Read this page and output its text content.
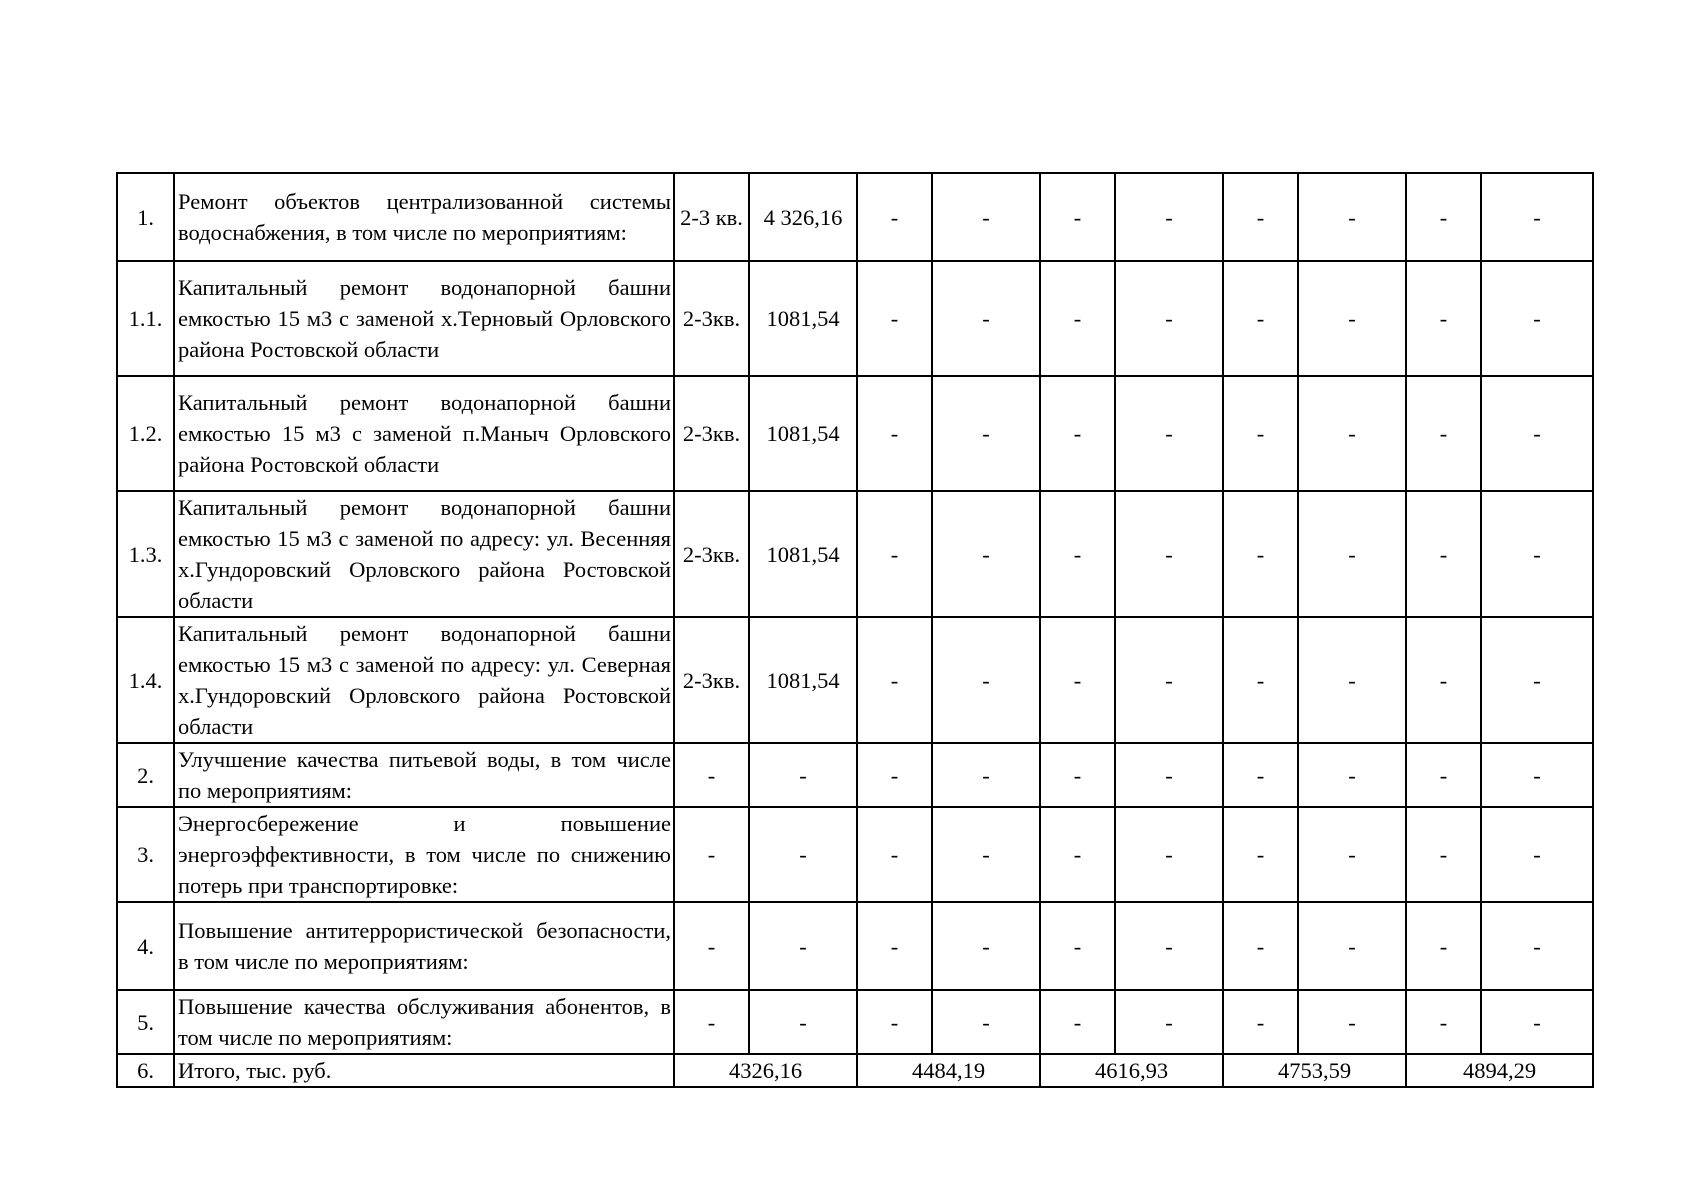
1.	Ремонт объектов централизованной системы водоснабжения, в том числе по мероприятиям:	2-3 кв.	4 326,16	-	-	-	-	-	-	-	-
1.1.	Капитальный ремонт водонапорной башни емкостью 15 м3 с заменой х.Терновый Орловского района Ростовской области	2-3кв.	1081,54	-	-	-	-	-	-	-	-
1.2.	Капитальный ремонт водонапорной башни емкостью 15 м3 с заменой п.Маныч Орловского района Ростовской области	2-3кв.	1081,54	-	-	-	-	-	-	-	-
1.3.	Капитальный ремонт водонапорной башни емкостью 15 м3 с заменой по адресу: ул. Весенняя х.Гундоровский Орловского района Ростовской области	2-3кв.	1081,54	-	-	-	-	-	-	-	-
1.4.	Капитальный ремонт водонапорной башни емкостью 15 м3 с заменой по адресу: ул. Северная х.Гундоровский Орловского района Ростовской области	2-3кв.	1081,54	-	-	-	-	-	-	-	-
2.	Улучшение качества питьевой воды, в том числе по мероприятиям:	-	-	-	-	-	-	-	-	-	-
3.	Энергосбережение и повышение энергоэффективности, в том числе по снижению потерь при транспортировке:	-	-	-	-	-	-	-	-	-	-
4.	Повышение антитеррористической безопасности, в том числе по мероприятиям:	-	-	-	-	-	-	-	-	-	-
5.	Повышение качества обслуживания абонентов, в том числе по мероприятиям:	-	-	-	-	-	-	-	-	-	-
6.	Итого, тыс. руб.	4326,16		4484,19		4616,93		4753,59		4894,29	
